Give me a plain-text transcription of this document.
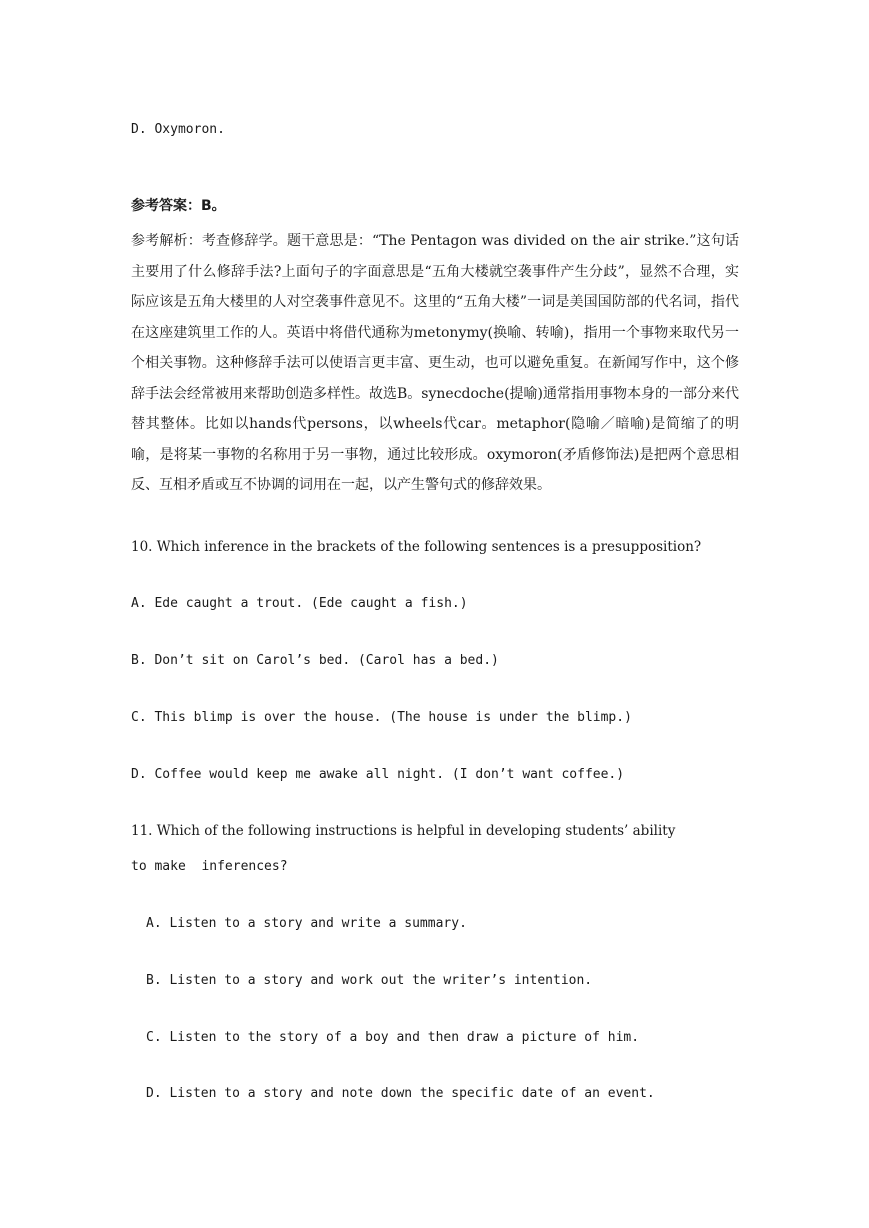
D. Oxymoron.
参考答案：B。

参考解析：考查修辞学。题干意思是：“The Pentagon was divided on the air strike.”这句话主要用了什么修辞手法?上面句子的字面意思是“五角大楼就空袭事件产生分歧”，显然不合理，实际应该是五角大楼里的人对空袭事件意见不。这里的“五角大楼”一词是美国国防部的代名词，指代在这座建筑里工作的人。英语中将借代通称为metonymy(换喻、转喻)，指用一个事物来取代另一个相关事物。这种修辞手法可以使语言更丰富、更生动，也可以避免重复。在新闻写作中，这个修辞手法会经常被用来帮助创造多样性。故选B。synecdoche(提喻)通常指用事物本身的一部分来代替其整体。比如以hands代persons，以wheels代car。metaphor(隐喻／暗喻)是简缩了的明喻，是将某一事物的名称用于另一事物，通过比较形成。oxymoron(矛盾修饰法)是把两个意思相反、互相矛盾或互不协调的词用在一起，以产生警句式的修辞效果。

10. Which inference in the brackets of the following sentences is a presupposition?
A. Ede caught a trout. (Ede caught a fish.)
B. Don’t sit on Carol’s bed. (Carol has a bed.)
C. This blimp is over the house. (The house is under the blimp.)
D. Coffee would keep me awake all night. (I don’t want coffee.)
11. Which of the following instructions is helpful in developing students’ ability
to make  inferences?
A. Listen to a story and write a summary.
B. Listen to a story and work out the writer’s intention.
C. Listen to the story of a boy and then draw a picture of him.
D. Listen to a story and note down the specific date of an event.
